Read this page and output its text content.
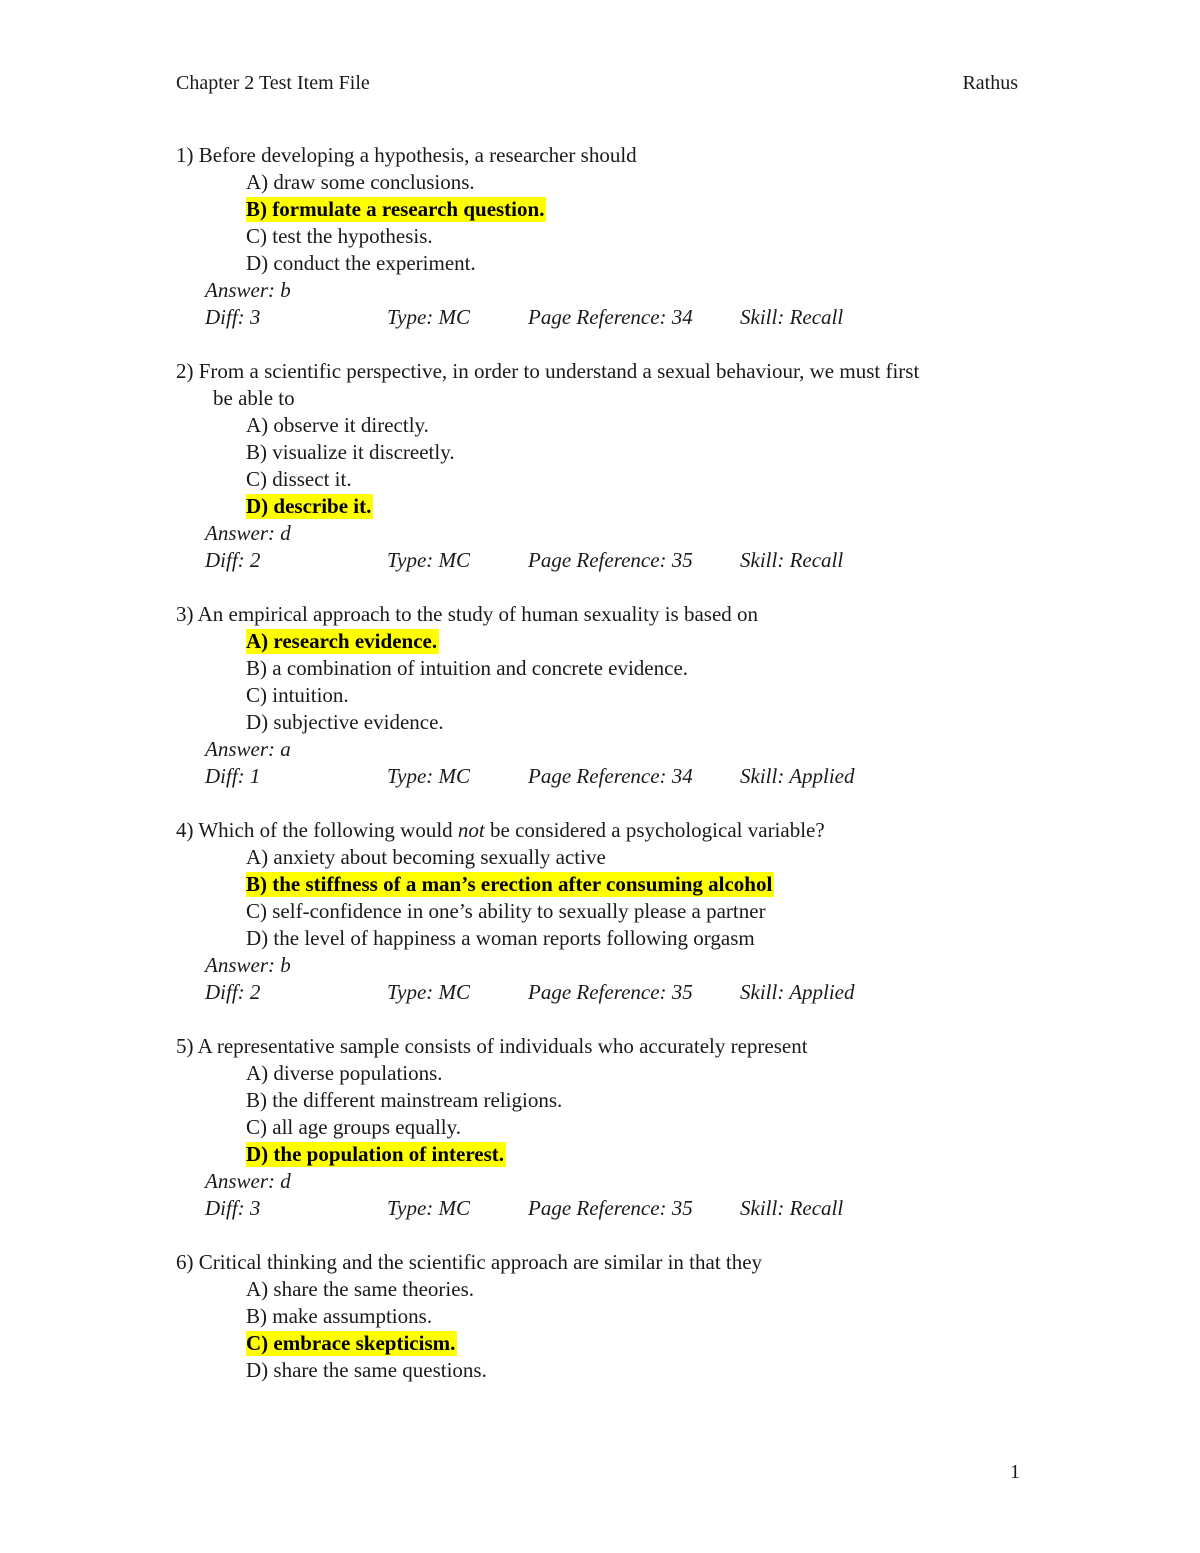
Chapter 2 Test Item File	Rathus
1) Before developing a hypothesis, a researcher should
A) draw some conclusions.
B) formulate a research question.
C) test the hypothesis.
D) conduct the experiment.
Answer: b
Diff: 3	Type: MC	Page Reference: 34 Skill: Recall
2) From a scientific perspective, in order to understand a sexual behaviour, we must first
be able to
A) observe it directly.
B) visualize it discreetly.
C) dissect it.
D) describe it.
Answer: d
Diff: 2	Type: MC	Page Reference: 35 Skill: Recall
3) An empirical approach to the study of human sexuality is based on
A) research evidence.
B) a combination of intuition and concrete evidence.
C) intuition.
D) subjective evidence.
Answer: a
Diff: 1	Type: MC	Page Reference: 34 Skill: Applied
4) Which of the following would not be considered a psychological variable?
A) anxiety about becoming sexually active
B) the stiffness of a man’s erection after consuming alcohol
C) self-confidence in one’s ability to sexually please a partner
D) the level of happiness a woman reports following orgasm
Answer: b
Diff: 2	Type: MC	Page Reference: 35 Skill: Applied
5) A representative sample consists of individuals who accurately represent
A) diverse populations.
B) the different mainstream religions.
C) all age groups equally.
D) the population of interest.
Answer: d
Diff: 3	Type: MC	Page Reference: 35 Skill: Recall
6) Critical thinking and the scientific approach are similar in that they
A) share the same theories.
B) make assumptions.
C) embrace skepticism.
D) share the same questions.
1
